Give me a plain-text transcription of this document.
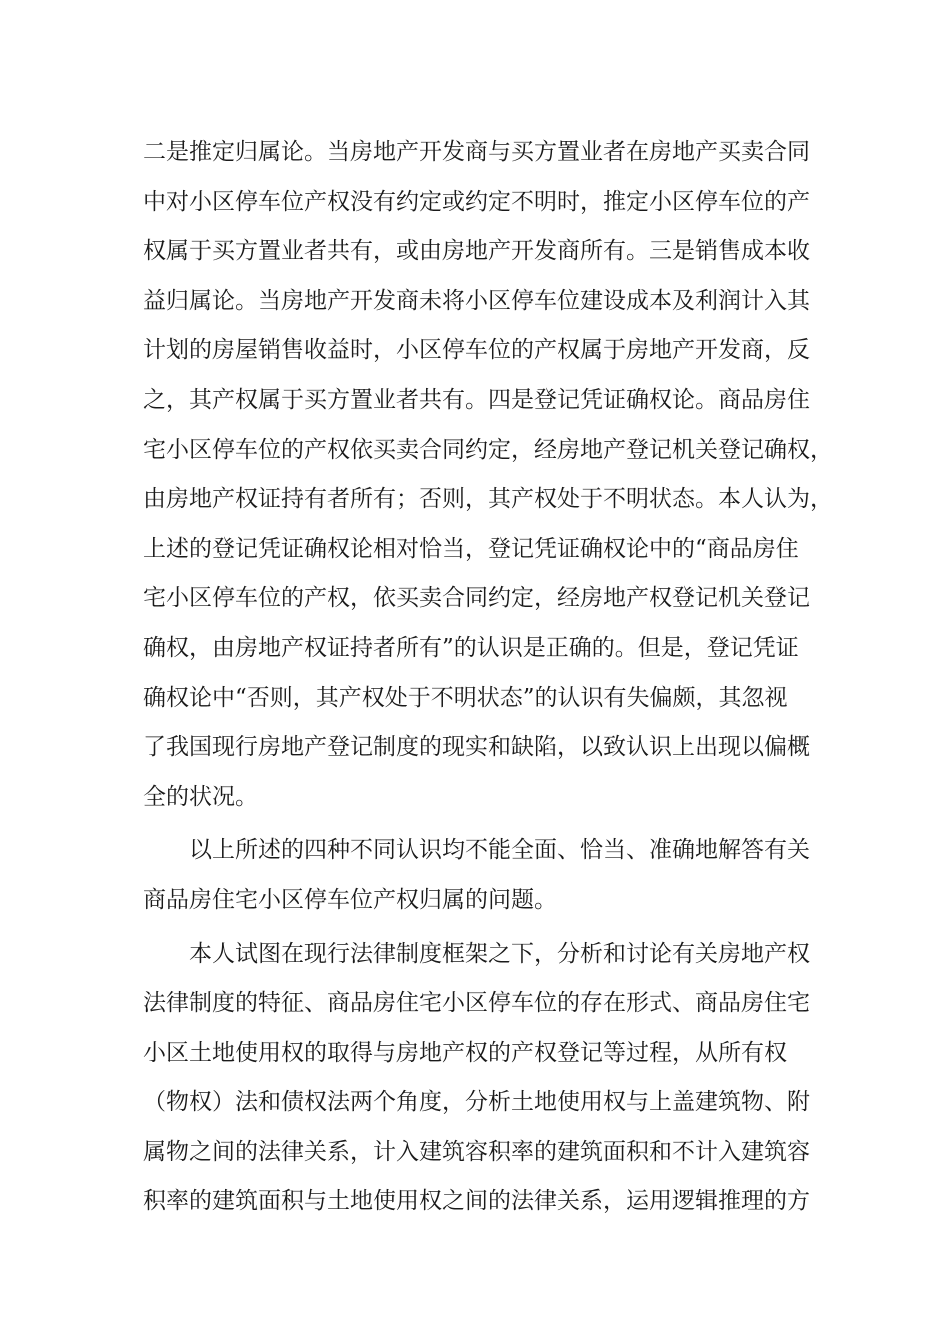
二是推定归属论。当房地产开发商与买方置业者在房地产买卖合同
中对小区停车位产权没有约定或约定不明时，推定小区停车位的产
权属于买方置业者共有，或由房地产开发商所有。三是销售成本收
益归属论。当房地产开发商未将小区停车位建设成本及利润计入其
计划的房屋销售收益时，小区停车位的产权属于房地产开发商，反
之，其产权属于买方置业者共有。四是登记凭证确权论。商品房住
宅小区停车位的产权依买卖合同约定，经房地产登记机关登记确权，
由房地产权证持有者所有；否则，其产权处于不明状态。本人认为，
上述的登记凭证确权论相对恰当，登记凭证确权论中的“商品房住
宅小区停车位的产权，依买卖合同约定，经房地产权登记机关登记
确权，由房地产权证持者所有”的认识是正确的。但是，登记凭证
确权论中“否则，其产权处于不明状态”的认识有失偏颇，其忽视
了我国现行房地产登记制度的现实和缺陷，以致认识上出现以偏概
全的状况。
以上所述的四种不同认识均不能全面、恰当、准确地解答有关
商品房住宅小区停车位产权归属的问题。
本人试图在现行法律制度框架之下，分析和讨论有关房地产权
法律制度的特征、商品房住宅小区停车位的存在形式、商品房住宅
小区土地使用权的取得与房地产权的产权登记等过程，从所有权
（物权）法和债权法两个角度，分析土地使用权与上盖建筑物、附
属物之间的法律关系，计入建筑容积率的建筑面积和不计入建筑容
积率的建筑面积与土地使用权之间的法律关系，运用逻辑推理的方
